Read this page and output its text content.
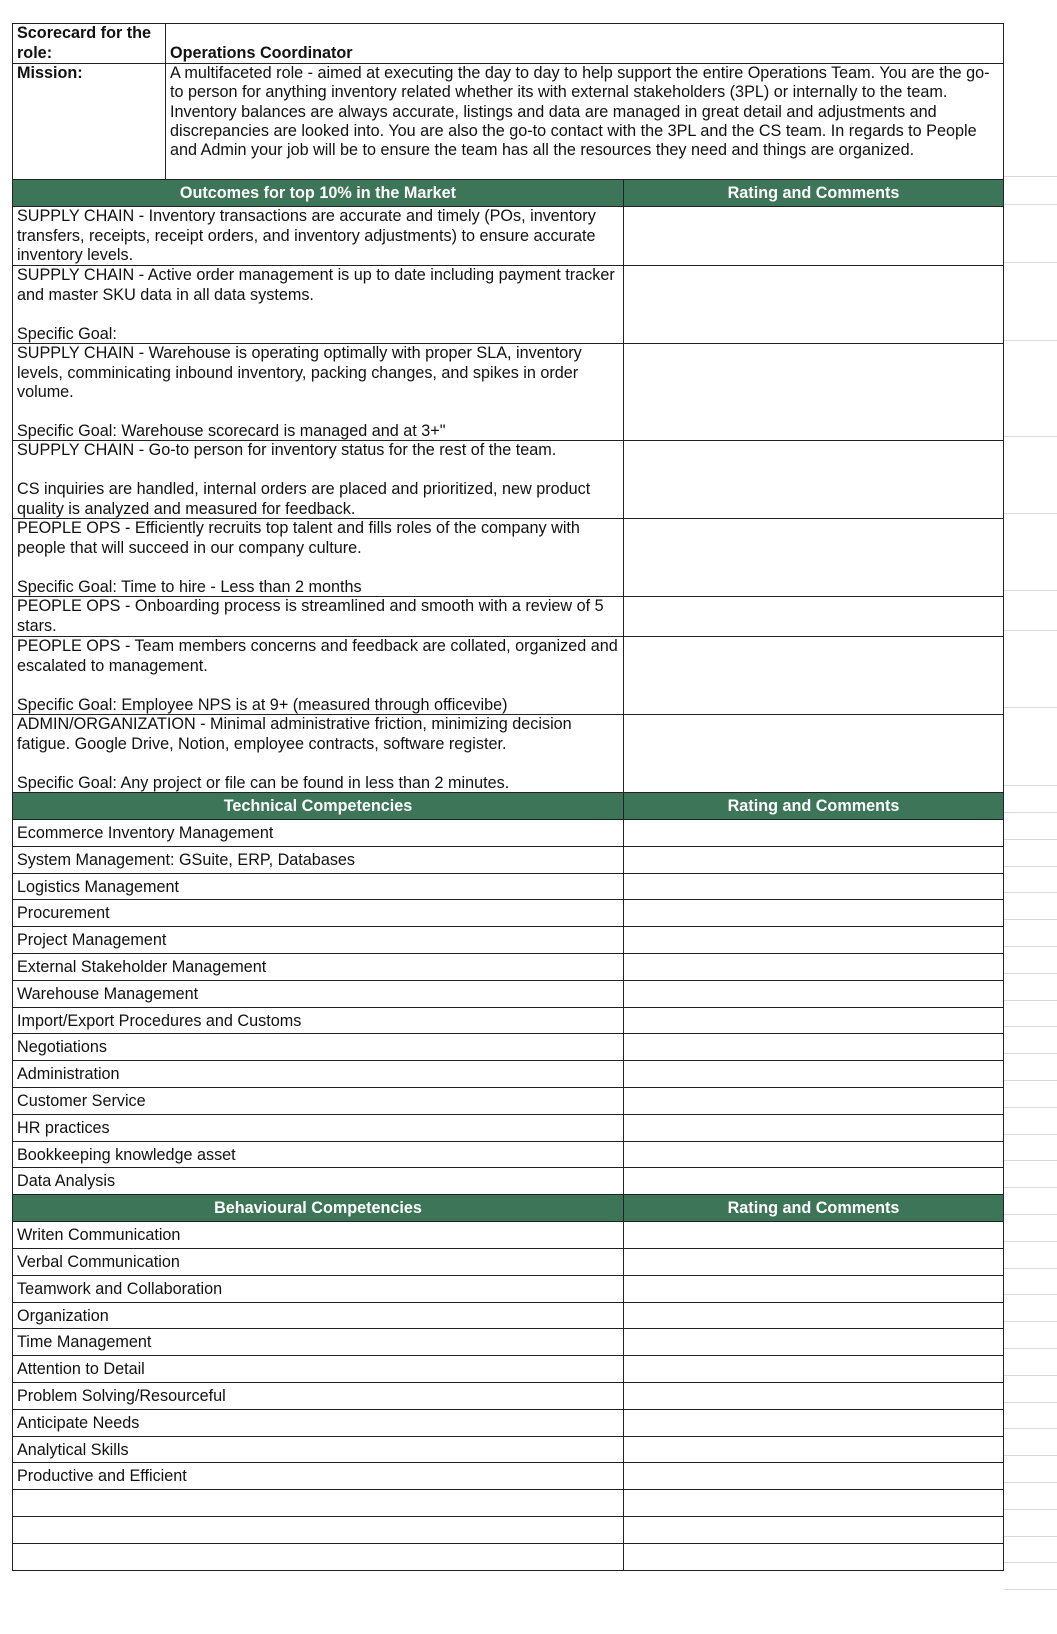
Scorecard for the role:	Operations Coordinator
Mission:	A multifaceted role - aimed at executing the day to day to help support the entire Operations Team. You are the go-to person for anything inventory related whether its with external stakeholders (3PL) or internally to the team. Inventory balances are always accurate, listings and data are managed in great detail and adjustments and discrepancies are looked into. You are also the go-to contact with the 3PL and the CS team. In regards to People and Admin your job will be to ensure the team has all the resources they need and things are organized.
Outcomes for top 10% in the Market	Rating and Comments
SUPPLY CHAIN - Inventory transactions are accurate and timely (POs, inventory transfers, receipts, receipt orders, and inventory adjustments) to ensure accurate inventory levels.
SUPPLY CHAIN - Active order management is up to date including payment tracker and master SKU data in all data systems.

Specific Goal:
SUPPLY CHAIN - Warehouse is operating optimally with proper SLA, inventory levels, comminicating inbound inventory, packing changes, and spikes in order volume.

Specific Goal: Warehouse scorecard is managed and at 3+"
SUPPLY CHAIN - Go-to person for inventory status for the rest of the team.

CS inquiries are handled, internal orders are placed and prioritized, new product quality is analyzed and measured for feedback.
PEOPLE OPS - Efficiently recruits top talent and fills roles of the company with people that will succeed in our company culture.

Specific Goal: Time to hire - Less than 2 months
PEOPLE OPS - Onboarding process is streamlined and smooth with a review of 5 stars.
PEOPLE OPS - Team members concerns and feedback are collated, organized and escalated to management.

Specific Goal: Employee NPS is at 9+ (measured through officevibe)
ADMIN/ORGANIZATION - Minimal administrative friction, minimizing decision fatigue. Google Drive, Notion, employee contracts, software register.

Specific Goal: Any project or file can be found in less than 2 minutes.
Technical Competencies	Rating and Comments
Ecommerce Inventory Management
System Management: GSuite, ERP, Databases
Logistics Management
Procurement
Project Management
External Stakeholder Management
Warehouse Management
Import/Export Procedures and Customs
Negotiations
Administration
Customer Service
HR practices
Bookkeeping knowledge asset
Data Analysis
Behavioural Competencies	Rating and Comments
Writen Communication
Verbal Communication
Teamwork and Collaboration
Organization
Time Management
Attention to Detail
Problem Solving/Resourceful
Anticipate Needs
Analytical Skills
Productive and Efficient
